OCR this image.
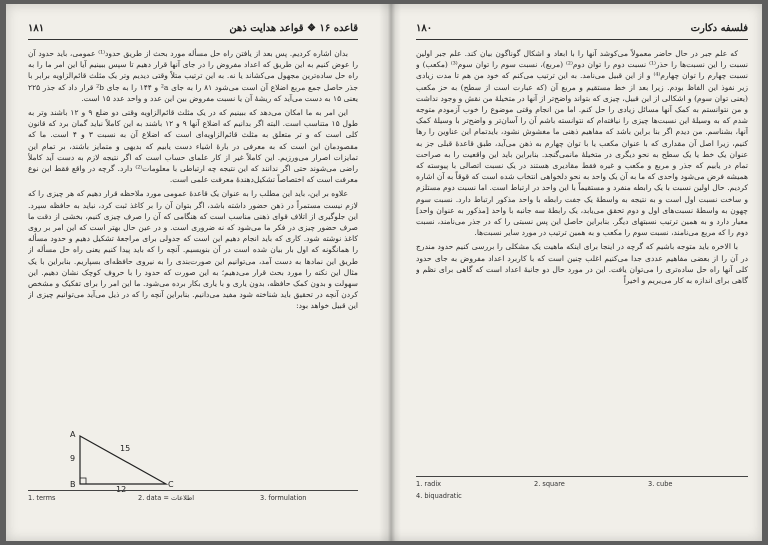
۱۸۱	قاعده ۱۶ ❖ قواعد هدایت ذهن

بدان اشاره کردیم. پس بعد از یافتن راه حل مسأله مورد بحث از طریق حدود⁽¹⁾ عمومی، باید حدود آن را عوض کنیم به این طریق که اعداد مفروض را در جای آنها قرار دهیم تا سپس ببینیم آیا این امر ما را به راه حل ساده‌ترین مجهول می‌کشاند یا نه. به این ترتیب متلاً وقتی دیدیم وتر یک مثلث قائم‌الزاویه برابر با جذر حاصل جمع مربع اضلاع آن است می‌شود ۸۱ را به جای ²a و ۱۴۴ را به جای ²b قرار داد که جذر ۲۲۵ یعنی ۱۵ به دست می‌آید که ریشهٔ آن یا نسبت مفروض بین این عدد و واحد عدد ۱۵ است.

این امر به ما امکان می‌دهد که ببینیم که در یک مثلث قائم‌الزاویه وقتی دو ضلع ۹ و ۱۲ باشند وتر به طول ۱۵ متناسب است. البته اگر بدانیم که اضلاع آنها ۹ و ۱۲ باشند به این کاملاً نباید گمان برد که قانون کلی است که و تر متعلق به مثلث قائم‌الزاویه‌ای است که اضلاع آن به نسبت ۳ و ۴ است. ما که مقصودمان این است که به معرفی در بارهٔ اشیاء دست یابیم که بدیهی و متمایز باشند، بر تمام این تمایزات اصرار می‌ورزیم. این کاملاً غیر از کار علمای حساب است که اگر نتیجه لازم به دست آید کاملاً راضی می‌شوند حتی اگر ندانند که این نتیجه چه ارتباطی با معلومات⁽²⁾ دارد. گرچه در واقع فقط این نوع معرفت است که اختصاصاً تشکیل‌دهندهٔ معرفت علمی است.

علاوه بر این، باید این مطلب را به عنوان یک قاعدهٔ عمومی مورد ملاحظه قرار دهیم که هر چیزی را که لازم نیست مستمراً در ذهن حضور داشته باشد، اگر بتوان آن را بر کاغذ ثبت کرد، نباید به حافظه سپرد. این جلوگیری از اتلاف قوای ذهنی مناسب است که هنگامی که آن را صرف چیزی کنیم، بخشی از دقت ما صرف حضور چیزی در فکر ما می‌شود که نه ضروری است. و در عین حال بهتر است که این امر بر روی کاغذ نوشته شود. کاری که باید انجام دهیم این است که جدولی برای مراجعهٔ تشکیل دهیم و حدود مسأله را همانگونه که اول بار بیان شده است در آن بنویسیم. آنچه را که باید پیدا کنیم یعنی راه حل مسأله از طریق این نمادها به دست آمد، می‌توانیم این صورت‌بندی را به نیروی حافظه‌ای بسپاریم. بنابراین با یک مثال این نکته را مورد بحث قرار می‌دهیم؛ به این صورت که حدود را با حروف کوچک نشان دهیم. این سهولت و بدون کمک حافظه، بدون یاری و با یاری بکار برده می‌شود. ما این امر را برای تفکیک و مشخص کردن آنچه در تحقیق باید شناخته شود مفید می‌دانیم. بنابراین آنچه را که در ذیل می‌آید می‌توانیم چیزی از این قبیل خواهد بود:

A
B	C
9
15
1. terms	2. data = اطلاعات	3. formulation
۱۸۰	فلسفه دکارت

که علم جبر در حال حاضر معمولاً می‌کوشد آنها را با ابعاد و اشکال گوناگون بیان کند. علم جبر اولین نسبت را این نسبت‌ها را حذر⁽¹⁾ نسبت دوم را توان دوم⁽²⁾ (مربع)، نسبت سوم را توان سوم⁽³⁾ (مکعب) و نسبت چهارم را توان چهارم⁽⁴⁾ و از این قبیل می‌نامد. به این ترتیب می‌کنم که خود من هم تا مدت زیادی زیر نفوذ این الفاظ بودم. زیرا بعد از خط مستقیم و مربع آن (که عبارت است از سطح) به حز مکعب (یعنی توان سوم) و اشکالی از این قبیل، چیزی که بتواند واضح‌تر از آنها در متخیلهٔ من نقش و وجود نداشت و من نتوانستم به کمک آنها مسائل زیادی را حل کنم. اما من انجام وقتی موضوع را خوب آزمودم متوجه شدم که به وسیلهٔ این نسبت‌ها چیزی را نیافته‌ام که نتوانسته باشم آن را آسان‌تر و واضح‌تر با وسیلهٔ کمک آنها، بشناسم. من دیدم اگر بنا براین باشد که مفاهیم ذهنی ما مغشوش نشود، بایدتمام این عناوین را رها کنیم، زیرا اصل آن مقداری که با عنوان مکعب یا با توان چهارم به ذهن می‌آید، طبق قاعدهٔ قبلی جز به عنوان یک خط یا یک سطح به نحو دیگری در متخیلهٔ مانمی‌گنجد. بنابراین باید این واقعیت را به صراحت تمام در یابیم که جذر و مربع و مکعب و غیره فقط مقادیری هستند در یک نسبت اتصالی با پیوسته که همیشه فرض می‌شود واحدی که ما به آن یک واحد به نحو دلخواهی انتخاب شده است که قوقاً به آن اشاره کردیم. حال اولین نسبت با یک رابطه منفرد و مستقیماً با این واحد در ارتباط است. اما نسبت دوم مستلزم و ساخت نسبت اول است و به نتیجه به واسطهٔ یک جفت رابطه با واحد مذکور ارتباط دارد. نسبت سوم چهون به واسطهٔ نسبت‌های اول و دوم تحقق می‌یابد، یک رابطهٔ سه جانبه با واحد [مذکور به عنوان واحد] معیار دارد و به همین ترتیب نسبتهای دیگر. بنابراین حاصل این پس نسبتی را که در جذر می‌نامند، نسبت دوم را که مربع می‌نامند، نسبت سوم را مکعب و به همین ترتیب در مورد سایر نسبت‌ها.

با الاخره باید متوجه باشیم که گرچه در اینجا برای اینکه ماهیت یک مشکلی را بررسی کنیم حدود مندرج در آن را از بعضی مفاهیم عددی جدا می‌کنیم اغلب چنین است که با کاربرد اعداد مفروض به جای حدود کلی آنها راه حل ساده‌تری را می‌توان یافت. این در مورد حال دو جانبهٔ اعداد است که گاهی برای نظم و گاهی برای اندازه به کار می‌بریم و اخیراً

1. radix	2. square	3. cube
4. biquadratic
